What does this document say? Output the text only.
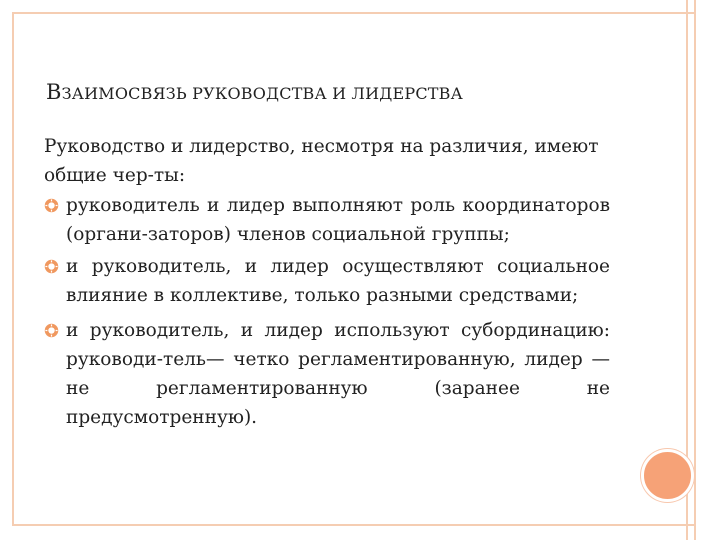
ВЗАИМОСВЯЗЬ РУКОВОДСТВА И ЛИДЕРСТВА
Руководство и лидерство, несмотря на различия, имеют общие чер-ты:
руководитель и лидер выполняют роль координаторов (органи-заторов) членов социальной группы;
и руководитель, и лидер осуществляют социальное влияние в коллективе, только разными средствами;
и руководитель, и лидер используют субординацию: руководи-тель— четко регламентированную, лидер — не регламентированную (заранее не предусмотренную).
